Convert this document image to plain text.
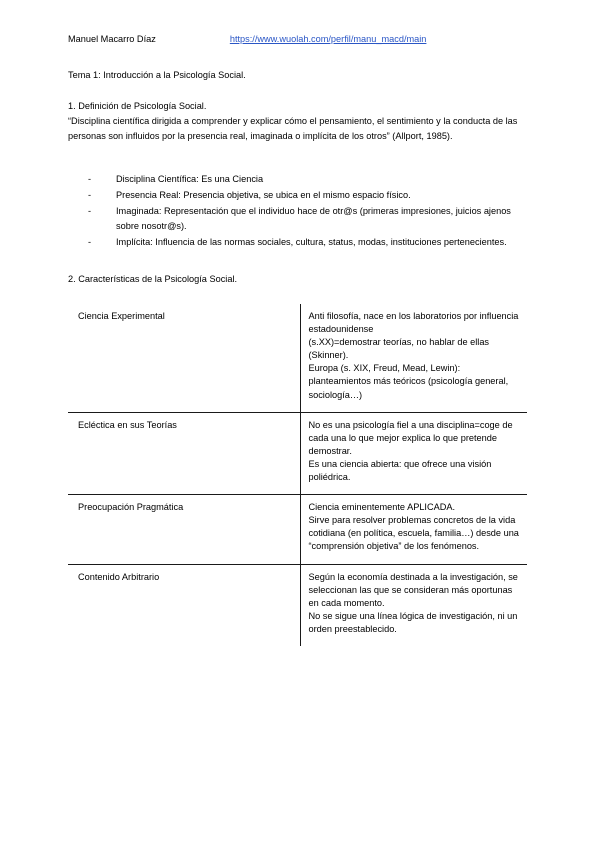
Manuel Macarro Díaz	https://www.wuolah.com/perfil/manu_macd/main
Tema 1: Introducción a la Psicología Social.

1. Definición de Psicología Social.

“Disciplina científica dirigida a comprender y explicar cómo el pensamiento, el sentimiento y la conducta de las personas son influidos por la presencia real, imaginada o implícita de los otros” (Allport, 1985).

-	Disciplina Científica: Es una Ciencia
-	Presencia Real: Presencia objetiva, se ubica en el mismo espacio físico.
-	Imaginada: Representación que el individuo hace de otr@s (primeras impresiones, juicios ajenos sobre nosotr@s).
-	Implícita: Influencia de las normas sociales, cultura, status, modas, instituciones pertenecientes.
2. Características de la Psicología Social.
Ciencia Experimental	Anti filosofía, nace en los laboratorios por influencia estadounidense
(s.XX)=demostrar teorías, no hablar de ellas (Skinner).
Europa (s. XIX, Freud, Mead, Lewin): planteamientos más teóricos (psicología general, sociología…)

Ecléctica en sus Teorías	No es una psicología fiel a una disciplina=coge de cada una lo que mejor explica lo que pretende demostrar.
Es una ciencia abierta: que ofrece una visión poliédrica.

Preocupación Pragmática	Ciencia eminentemente APLICADA.
Sirve para resolver problemas concretos de la vida cotidiana (en política, escuela, familia…) desde una “comprensión objetiva” de los fenómenos.

Contenido Arbitrario	Según la economía destinada a la investigación, se seleccionan las que se consideran más oportunas en cada momento.
No se sigue una línea lógica de investigación, ni un orden preestablecido.
